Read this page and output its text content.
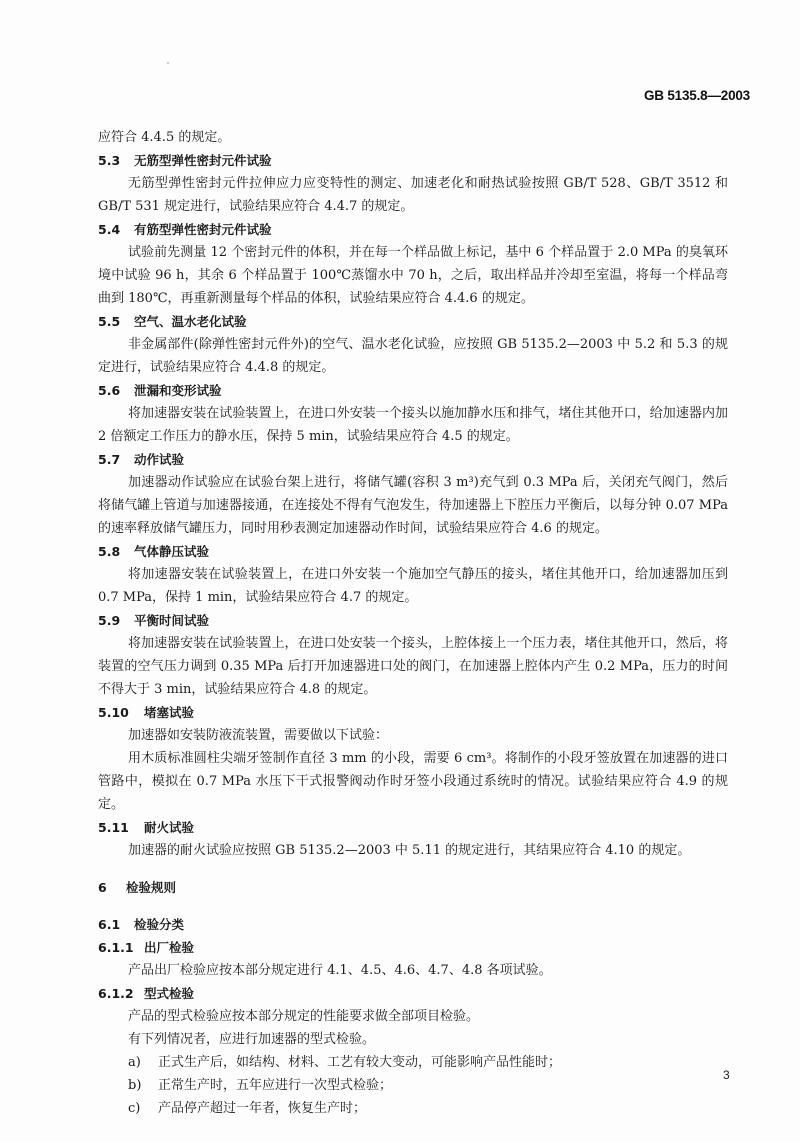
GB 5135.8—2003
应符合 4.4.5 的规定。
5.3 无筋型弹性密封元件试验
无筋型弹性密封元件拉伸应力应变特性的测定、加速老化和耐热试验按照 GB/T 528、GB/T 3512 和 GB/T 531 规定进行，试验结果应符合 4.4.7 的规定。
5.4 有筋型弹性密封元件试验
试验前先测量 12 个密封元件的体积，并在每一个样品做上标记，基中 6 个样品置于 2.0 MPa 的臭氧环境中试验 96 h，其余 6 个样品置于 100℃蒸馏水中 70 h，之后，取出样品并冷却至室温，将每一个样品弯曲到 180℃，再重新测量每个样品的体积，试验结果应符合 4.4.6 的规定。
5.5 空气、温水老化试验
非金属部件(除弹性密封元件外)的空气、温水老化试验，应按照 GB 5135.2—2003 中 5.2 和 5.3 的规定进行，试验结果应符合 4.4.8 的规定。
5.6 泄漏和变形试验
将加速器安装在试验装置上，在进口外安装一个接头以施加静水压和排气，堵住其他开口，给加速器内加 2 倍额定工作压力的静水压，保持 5 min，试验结果应符合 4.5 的规定。
5.7 动作试验
加速器动作试验应在试验台架上进行，将储气罐(容积 3 m³)充气到 0.3 MPa 后，关闭充气阀门，然后将储气罐上管道与加速器接通，在连接处不得有气泡发生，待加速器上下腔压力平衡后，以每分钟 0.07 MPa的速率释放储气罐压力，同时用秒表测定加速器动作时间，试验结果应符合 4.6 的规定。
5.8 气体静压试验
将加速器安装在试验装置上，在进口外安装一个施加空气静压的接头，堵住其他开口，给加速器加压到 0.7 MPa，保持 1 min，试验结果应符合 4.7 的规定。
5.9 平衡时间试验
将加速器安装在试验装置上，在进口处安装一个接头，上腔体接上一个压力表，堵住其他开口，然后，将装置的空气压力调到 0.35 MPa 后打开加速器进口处的阀门，在加速器上腔体内产生 0.2 MPa，压力的时间不得大于 3 min，试验结果应符合 4.8 的规定。
5.10 堵塞试验
加速器如安装防液流装置，需要做以下试验：
用木质标准圆柱尖端牙签制作直径 3 mm 的小段，需要 6 cm³。将制作的小段牙签放置在加速器的进口管路中，模拟在 0.7 MPa 水压下干式报警阀动作时牙签小段通过系统时的情况。试验结果应符合 4.9 的规定。
5.11 耐火试验
加速器的耐火试验应按照 GB 5135.2—2003 中 5.11 的规定进行，其结果应符合 4.10 的规定。
6 检验规则
6.1 检验分类
6.1.1 出厂检验
产品出厂检验应按本部分规定进行 4.1、4.5、4.6、4.7、4.8 各项试验。
6.1.2 型式检验
产品的型式检验应按本部分规定的性能要求做全部项目检验。
有下列情况者，应进行加速器的型式检验。
a) 正式生产后，如结构、材料、工艺有较大变动，可能影响产品性能时；
b) 正常生产时，五年应进行一次型式检验；
c) 产品停产超过一年者，恢复生产时；
3
